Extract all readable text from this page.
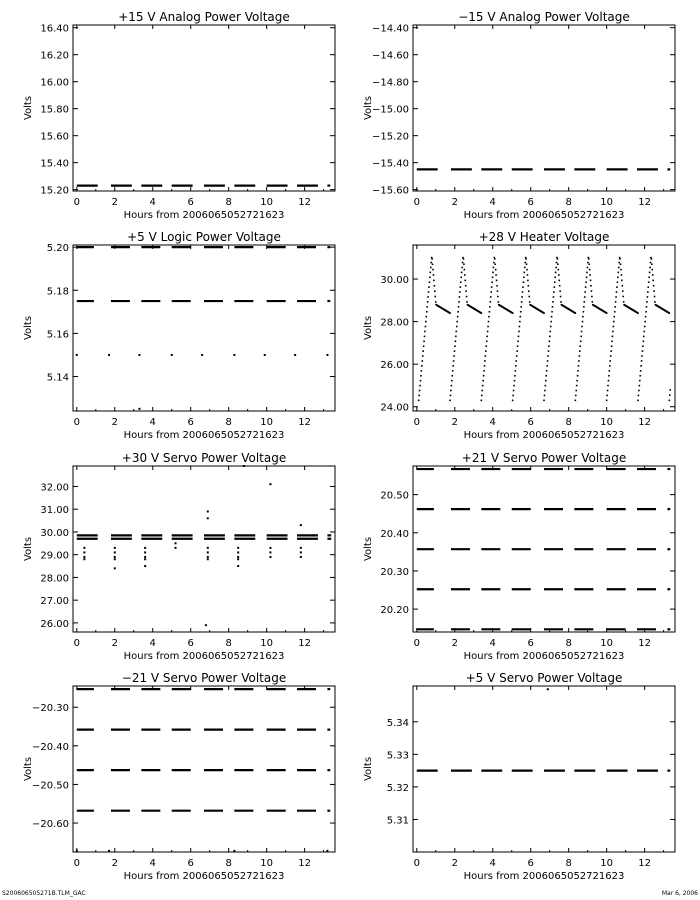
+15 V Analog Power Voltage
0	2	4	6	8	10	12
15.20
15.40
15.60
15.80
16.00
16.20
16.40
Hours from 2006065052721623
Volts
−15 V Analog Power Voltage
0	2	4	6	8	10	12
−15.60
−15.40
−15.20
−15.00
−14.80
−14.60
−14.40
Hours from 2006065052721623
Volts
+5 V Logic Power Voltage
0	2	4	6	8	10	12
5.14
5.16
5.18
5.20
Hours from 2006065052721623
Volts
+28 V Heater Voltage
0	2	4	6	8	10	12
24.00
26.00
28.00
30.00
Hours from 2006065052721623
Volts
+30 V Servo Power Voltage
0	2	4	6	8	10	12
26.00
27.00
28.00
29.00
30.00
31.00
32.00
Hours from 2006065052721623
Volts
+21 V Servo Power Voltage
0	2	4	6	8	10	12
20.20
20.30
20.40
20.50
Hours from 2006065052721623
Volts
−21 V Servo Power Voltage
0	2	4	6	8	10	12
−20.60
−20.50
−20.40
−20.30
Hours from 2006065052721623
Volts
+5 V Servo Power Voltage
0	2	4	6	8	10	12
5.31
5.32
5.33
5.34
Hours from 2006065052721623
Volts
S200606505271B.TLM_GAC	Mar 6, 2006
